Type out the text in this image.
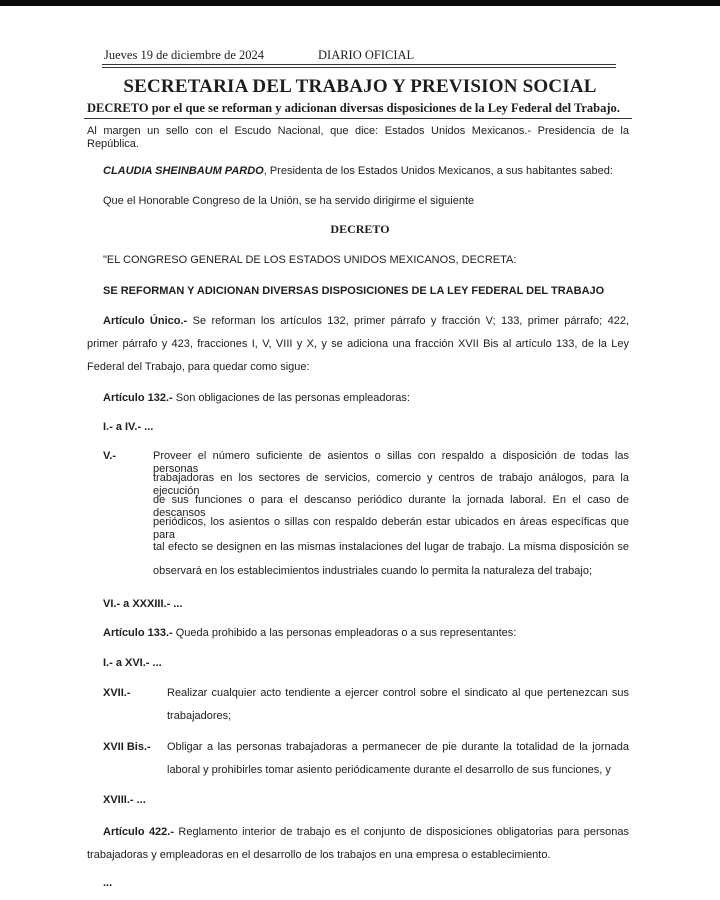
Jueves 19 de diciembre de 2024	DIARIO OFICIAL
SECRETARIA DEL TRABAJO Y PREVISION SOCIAL
DECRETO por el que se reforman y adicionan diversas disposiciones de la Ley Federal del Trabajo.
Al margen un sello con el Escudo Nacional, que dice: Estados Unidos Mexicanos.- Presidencia de la
República.
CLAUDIA SHEINBAUM PARDO, Presidenta de los Estados Unidos Mexicanos, a sus habitantes sabed:
Que el Honorable Congreso de la Unión, se ha servido dirigirme el siguiente
DECRETO
"EL CONGRESO GENERAL DE LOS ESTADOS UNIDOS MEXICANOS, DECRETA:
SE REFORMAN Y ADICIONAN DIVERSAS DISPOSICIONES DE LA LEY FEDERAL DEL TRABAJO
Artículo Único.- Se reforman los artículos 132, primer párrafo y fracción V; 133, primer párrafo; 422,
primer párrafo y 423, fracciones I, V, VIII y X, y se adiciona una fracción XVII Bis al artículo 133, de la Ley
Federal del Trabajo, para quedar como sigue:
Artículo 132.- Son obligaciones de las personas empleadoras:
I.- a IV.- ...
V.-	Proveer el número suficiente de asientos o sillas con respaldo a disposición de todas las personas
trabajadoras en los sectores de servicios, comercio y centros de trabajo análogos, para la ejecución
de sus funciones o para el descanso periódico durante la jornada laboral. En el caso de descansos
periódicos, los asientos o sillas con respaldo deberán estar ubicados en áreas específicas que para
tal efecto se designen en las mismas instalaciones del lugar de trabajo. La misma disposición se
observará en los establecimientos industriales cuando lo permita la naturaleza del trabajo;
VI.- a XXXIII.- ...
Artículo 133.- Queda prohibido a las personas empleadoras o a sus representantes:
I.- a XVI.- ...
XVII.-	Realizar cualquier acto tendiente a ejercer control sobre el sindicato al que pertenezcan sus
trabajadores;
XVII Bis.- Obligar a las personas trabajadoras a permanecer de pie durante la totalidad de la jornada
laboral y prohibirles tomar asiento periódicamente durante el desarrollo de sus funciones, y
XVIII.- ...
Artículo 422.- Reglamento interior de trabajo es el conjunto de disposiciones obligatorias para personas
trabajadoras y empleadoras en el desarrollo de los trabajos en una empresa o establecimiento.
...
